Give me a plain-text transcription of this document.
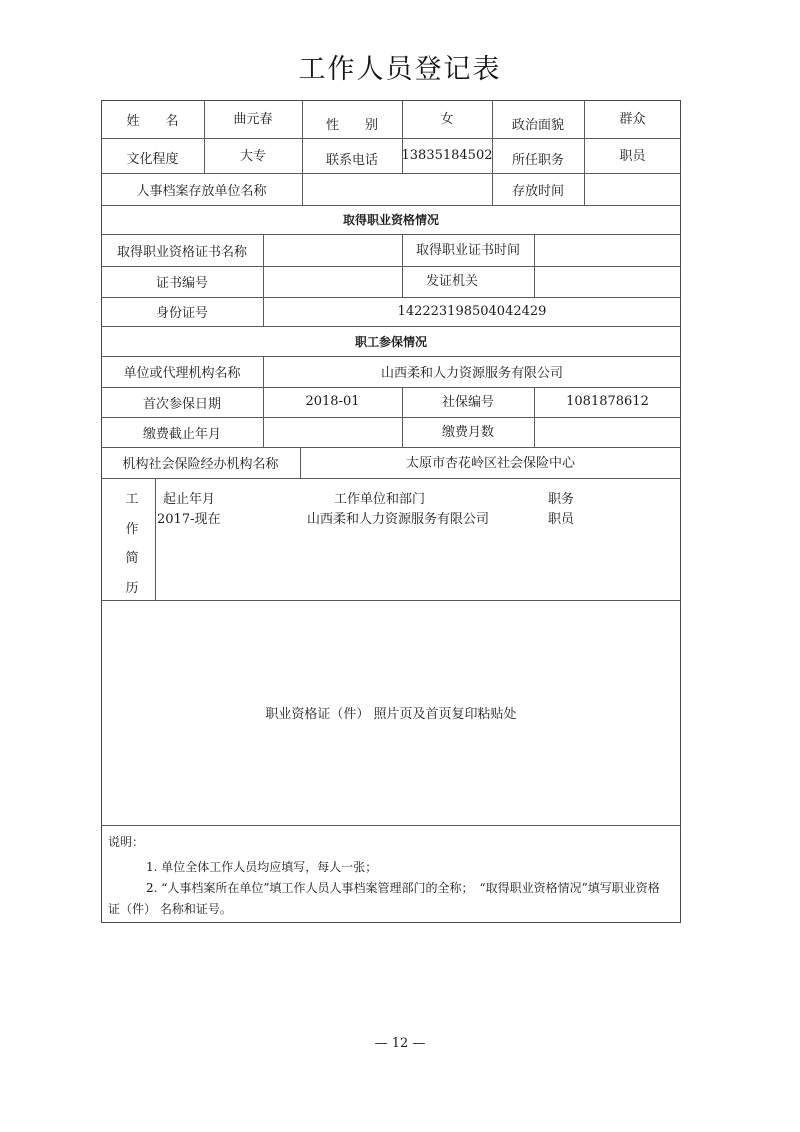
工作人员登记表
姓　　名	曲元春	性　　别	女	政治面貌	群众
文化程度	大专	联系电话	13835184502	所任职务	职员
人事档案存放单位名称	存放时间
取得职业资格情况
取得职业资格证书名称	取得职业证书时间
证书编号	发证机关
身份证号	142223198504042429
职工参保情况
单位或代理机构名称	山西柔和人力资源服务有限公司
首次参保日期	2018-01	社保编号	1081878612
缴费截止年月	缴费月数
机构社会保险经办机构名称	太原市杏花岭区社会保险中心
工
作
简
历
起止年月	工作单位和部门	职务
2017-现在	山西柔和人力资源服务有限公司	职员
职业资格证（件） 照片页及首页复印粘贴处
说明：
1. 单位全体工作人员均应填写，每人一张；
2. “人事档案所在单位”填工作人员人事档案管理部门的全称；　“取得职业资格情况”填写职业资格
证（件） 名称和证号。
— 12 —
